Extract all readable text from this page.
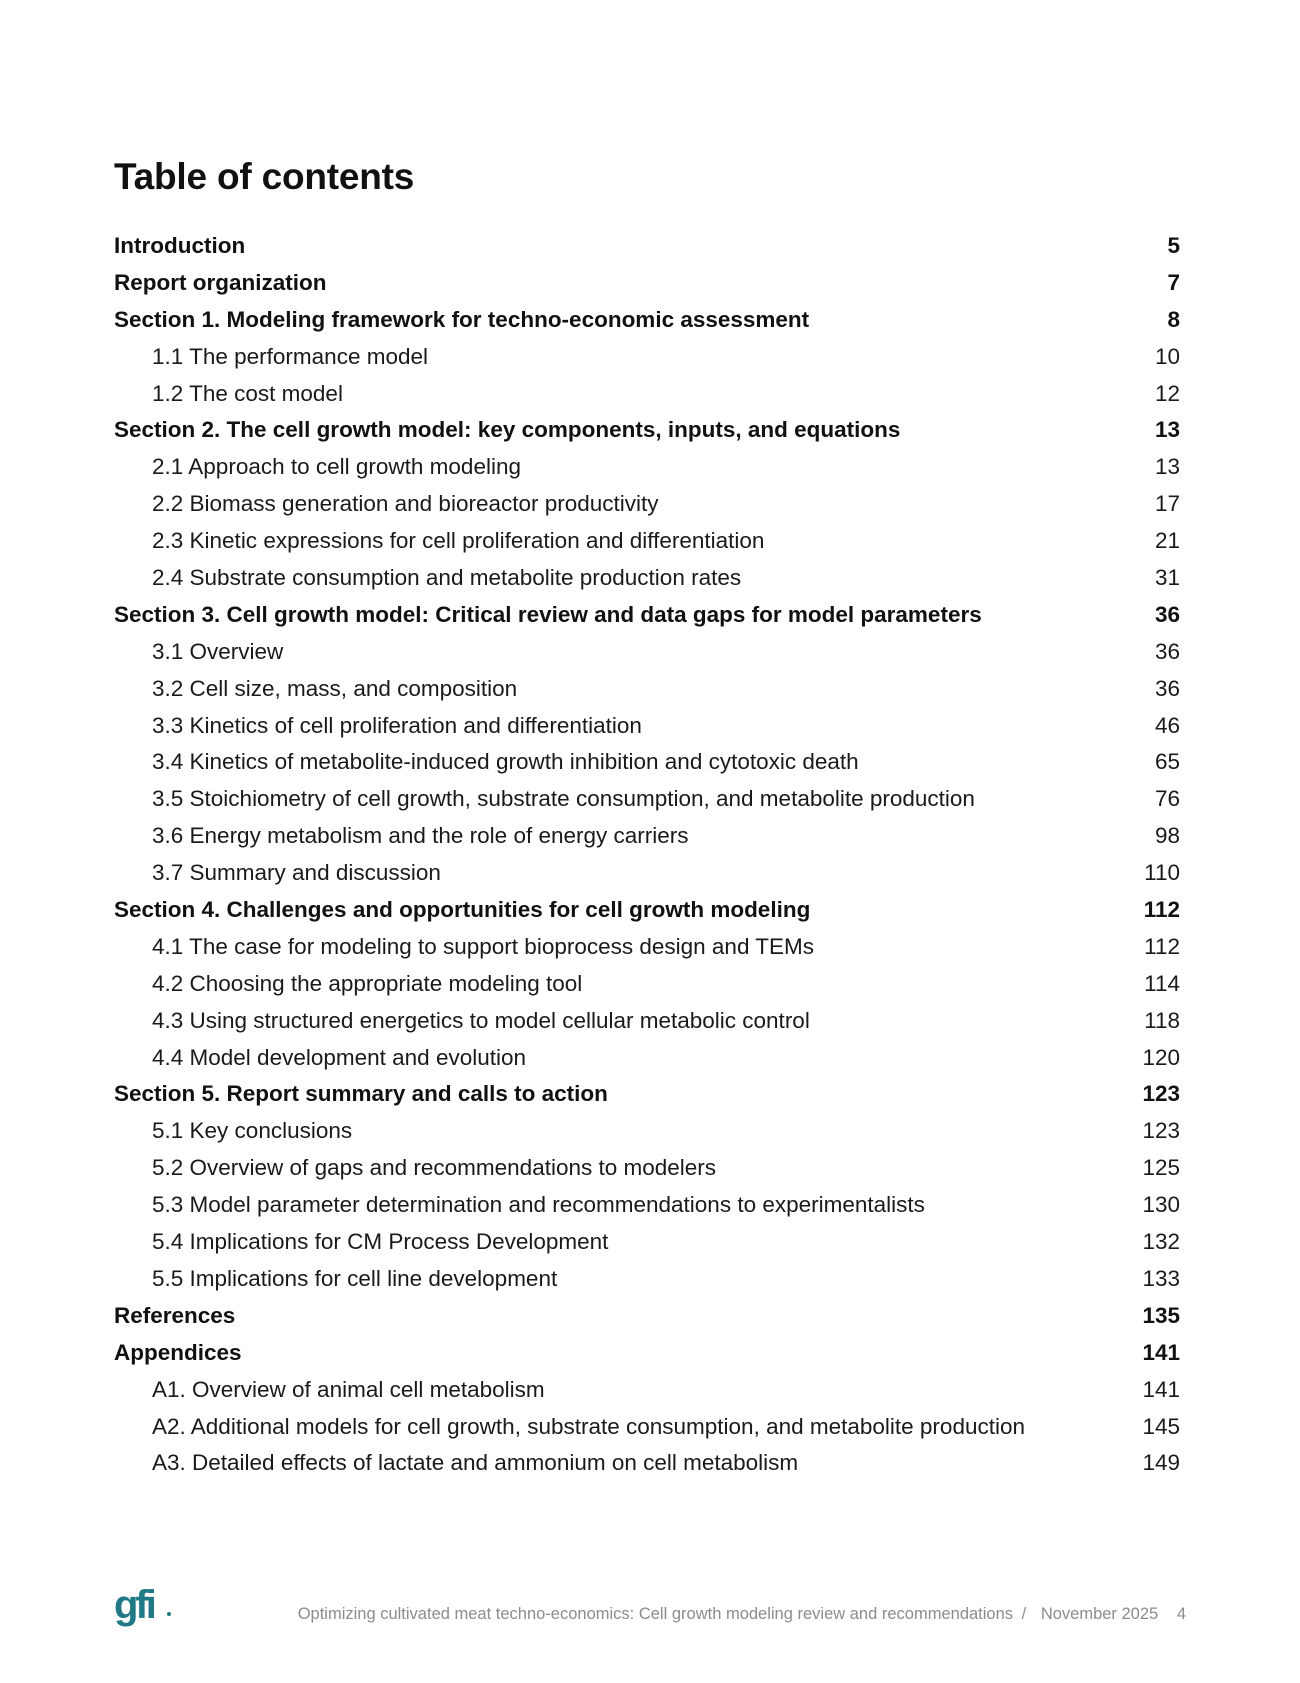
Table of contents
Introduction	5
Report organization	7
Section 1. Modeling framework for techno-economic assessment	8
1.1 The performance model	10
1.2 The cost model	12
Section 2. The cell growth model: key components, inputs, and equations	13
2.1 Approach to cell growth modeling	13
2.2 Biomass generation and bioreactor productivity	17
2.3 Kinetic expressions for cell proliferation and differentiation	21
2.4 Substrate consumption and metabolite production rates	31
Section 3. Cell growth model: Critical review and data gaps for model parameters	36
3.1 Overview	36
3.2 Cell size, mass, and composition	36
3.3 Kinetics of cell proliferation and differentiation	46
3.4 Kinetics of metabolite-induced growth inhibition and cytotoxic death	65
3.5 Stoichiometry of cell growth, substrate consumption, and metabolite production	76
3.6 Energy metabolism and the role of energy carriers	98
3.7 Summary and discussion	110
Section 4. Challenges and opportunities for cell growth modeling	112
4.1 The case for modeling to support bioprocess design and TEMs	112
4.2 Choosing the appropriate modeling tool	114
4.3 Using structured energetics to model cellular metabolic control	118
4.4 Model development and evolution	120
Section 5. Report summary and calls to action	123
5.1 Key conclusions	123
5.2 Overview of gaps and recommendations to modelers	125
5.3 Model parameter determination and recommendations to experimentalists	130
5.4 Implications for CM Process Development	132
5.5 Implications for cell line development	133
References	135
Appendices	141
A1. Overview of animal cell metabolism	141
A2. Additional models for cell growth, substrate consumption, and metabolite production	145
A3. Detailed effects of lactate and ammonium on cell metabolism	149
gfi	Optimizing cultivated meat techno-economics: Cell growth modeling review and recommendations / November 2025 4
